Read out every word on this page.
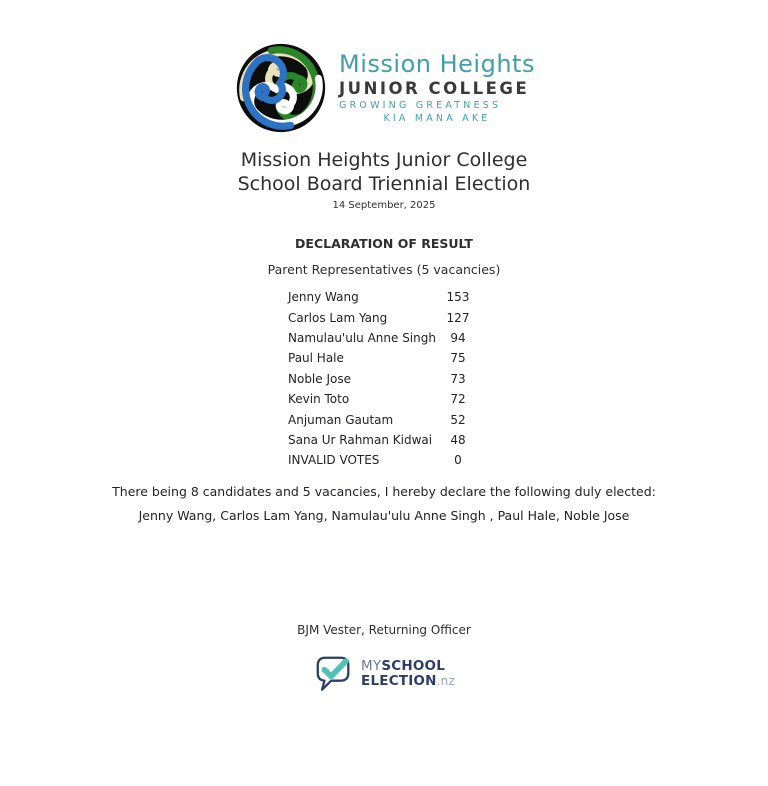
Mission Heights
JUNIOR COLLEGE
GROWING GREATNESS
KIA MANA AKE
Mission Heights Junior College
School Board Triennial Election
14 September, 2025
DECLARATION OF RESULT
Parent Representatives (5 vacancies)
Jenny Wang	153
Carlos Lam Yang	127
Namulau'ulu Anne Singh	94
Paul Hale	75
Noble Jose	73
Kevin Toto	72
Anjuman Gautam	52
Sana Ur Rahman Kidwai	48
INVALID VOTES	0
There being 8 candidates and 5 vacancies, I hereby declare the following duly elected:
Jenny Wang, Carlos Lam Yang, Namulau'ulu Anne Singh , Paul Hale, Noble Jose
BJM Vester, Returning Officer
MYSCHOOL
ELECTION.nz
